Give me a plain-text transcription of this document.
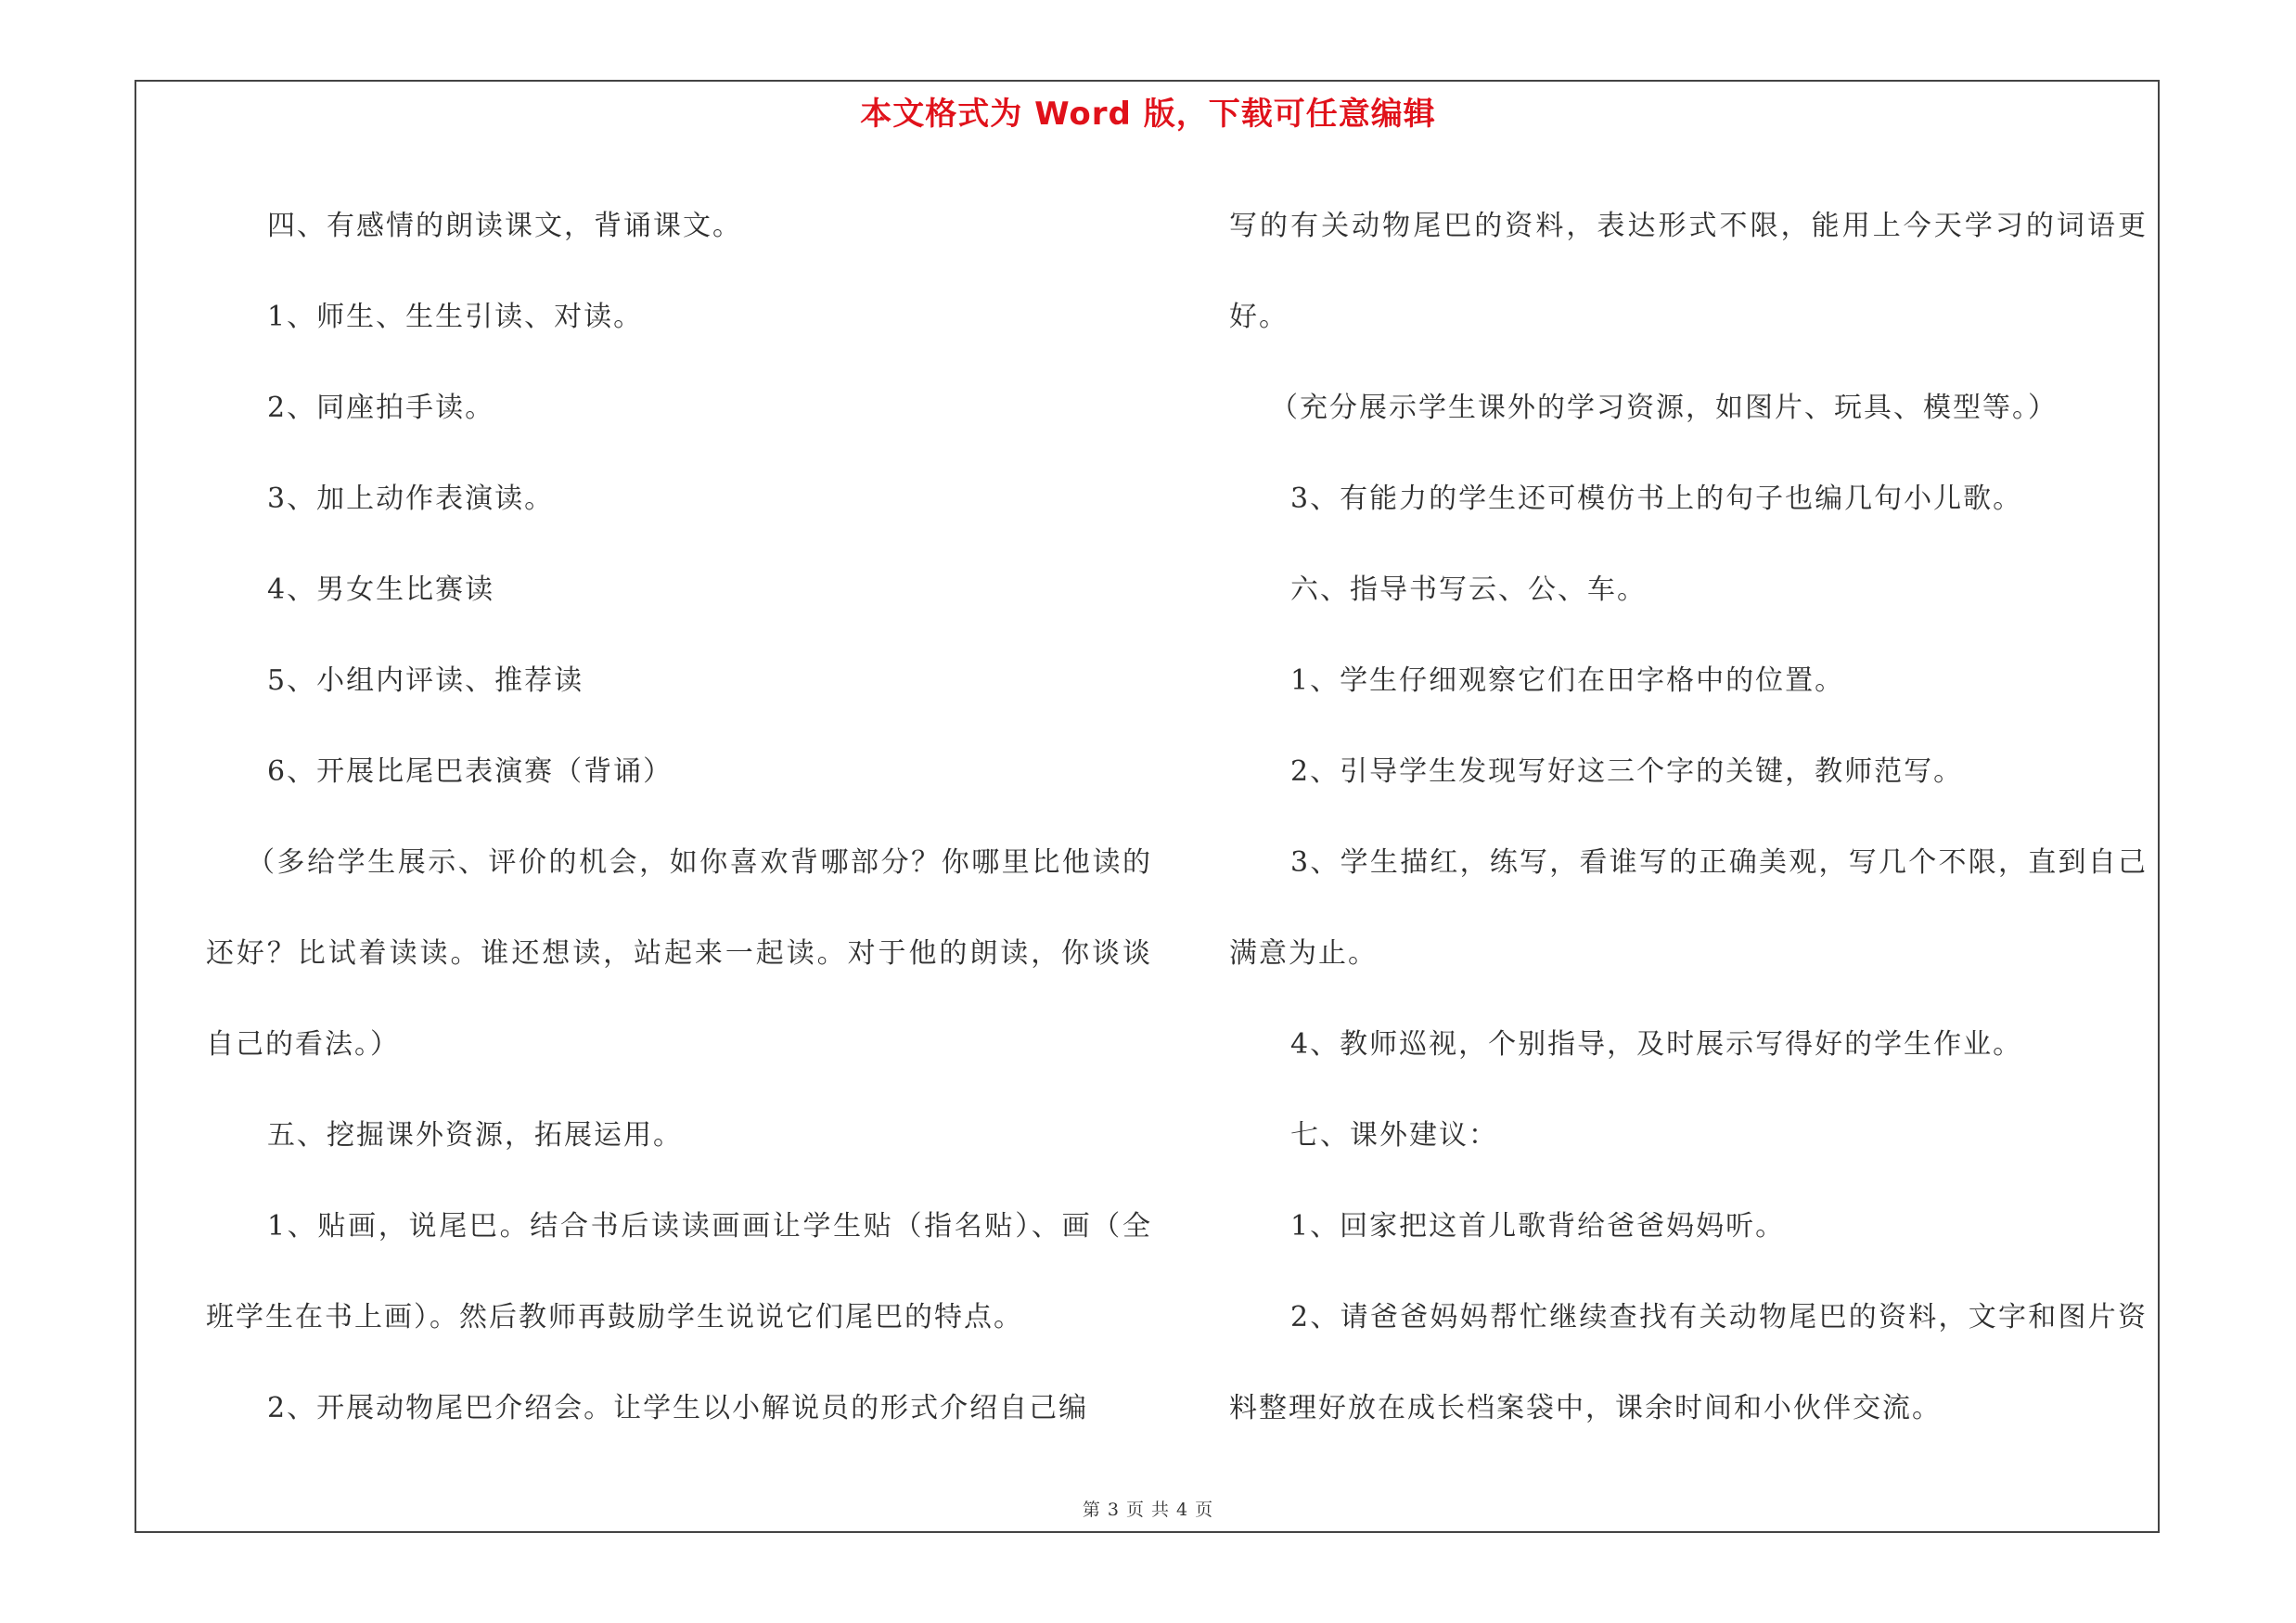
本文格式为 Word 版，下载可任意编辑

四、有感情的朗读课文，背诵课文。

1、师生、生生引读、对读。

2、同座拍手读。

3、加上动作表演读。

4、男女生比赛读

5、小组内评读、推荐读

6、开展比尾巴表演赛（背诵）

（多给学生展示、评价的机会，如你喜欢背哪部分？你哪里比他读的还好？比试着读读。谁还想读，站起来一起读。对于他的朗读，你谈谈自己的看法。）

五、挖掘课外资源，拓展运用。

1、贴画，说尾巴。结合书后读读画画让学生贴（指名贴）、画（全班学生在书上画）。然后教师再鼓励学生说说它们尾巴的特点。

2、开展动物尾巴介绍会。让学生以小解说员的形式介绍自己编

写的有关动物尾巴的资料，表达形式不限，能用上今天学习的词语更好。

（充分展示学生课外的学习资源，如图片、玩具、模型等。）

3、有能力的学生还可模仿书上的句子也编几句小儿歌。

六、指导书写云、公、车。

1、学生仔细观察它们在田字格中的位置。

2、引导学生发现写好这三个字的关键，教师范写。

3、学生描红，练写，看谁写的正确美观，写几个不限，直到自己满意为止。

4、教师巡视，个别指导，及时展示写得好的学生作业。

七、课外建议：

1、回家把这首儿歌背给爸爸妈妈听。

2、请爸爸妈妈帮忙继续查找有关动物尾巴的资料，文字和图片资料整理好放在成长档案袋中，课余时间和小伙伴交流。

第 3 页 共 4 页
